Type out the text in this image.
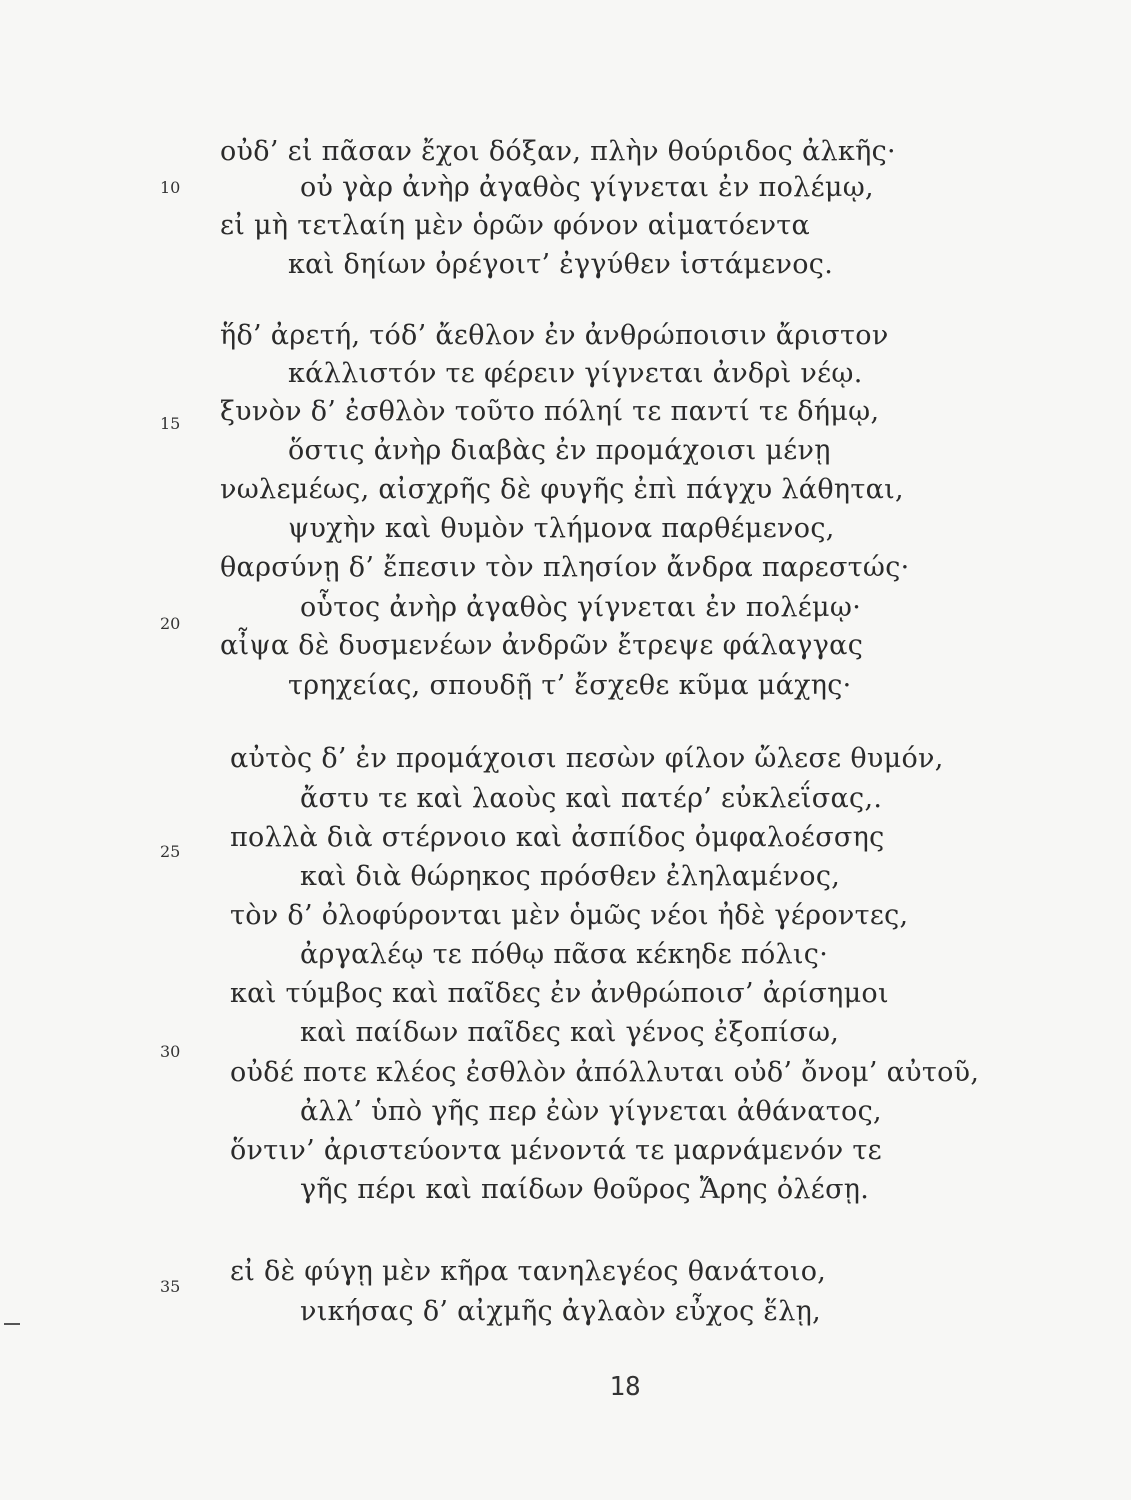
οὐδ’ εἰ πᾶσαν ἔχοι δόξαν, πλὴν θούριδος ἀλκῆς·
10	οὐ γὰρ ἀνὴρ ἀγαθὸς γίγνεται ἐν πολέμῳ,
εἰ μὴ τετλαίη μὲν ὁρῶν φόνον αἱματόεντα
καὶ δηίων ὀρέγοιτ’ ἐγγύθεν ἱστάμενος.
ἥδ’ ἀρετή, τόδ’ ἄεθλον ἐν ἀνθρώποισιν ἄριστον
κάλλιστόν τε φέρειν γίγνεται ἀνδρὶ νέῳ.
15 ξυνὸν δ’ ἐσθλὸν τοῦτο πόληί τε παντί τε δήμῳ,
ὅστις ἀνὴρ διαβὰς ἐν προμάχοισι μένῃ
νωλεμέως, αἰσχρῆς δὲ φυγῆς ἐπὶ πάγχυ λάθηται,
ψυχὴν καὶ θυμὸν τλήμονα παρθέμενος,
θαρσύνῃ δ’ ἔπεσιν τὸν πλησίον ἄνδρα παρεστώς·
20
οὗτος ἀνὴρ ἀγαθὸς γίγνεται ἐν πολέμῳ·
αἶψα δὲ δυσμενέων ἀνδρῶν ἔτρεψε φάλαγγας
τρηχείας, σπουδῇ τ’ ἔσχεθε κῦμα μάχης·
αὐτὸς δ’ ἐν προμάχοισι πεσὼν φίλον ὤλεσε θυμόν,
ἄστυ τε καὶ λαοὺς καὶ πατέρ’ εὐκλεΐσας,.
25 πολλὰ διὰ στέρνοιο καὶ ἀσπίδος ὀμφαλοέσσης
καὶ διὰ θώρηκος πρόσθεν ἐληλαμένος,
τὸν δ’ ὀλοφύρονται μὲν ὁμῶς νέοι ἠδὲ γέροντες,
ἀργαλέῳ τε πόθῳ πᾶσα κέκηδε πόλις·
καὶ τύμβος καὶ παῖδες ἐν ἀνθρώποισ’ ἀρίσημοι
30
καὶ παίδων παῖδες καὶ γένος ἐξοπίσω,
οὐδέ ποτε κλέος ἐσθλὸν ἀπόλλυται οὐδ’ ὄνομ’ αὐτοῦ,
ἀλλ’ ὑπὸ γῆς περ ἐὼν γίγνεται ἀθάνατος,
ὅντιν’ ἀριστεύοντα μένοντά τε μαρνάμενόν τε
γῆς πέρι καὶ παίδων θοῦρος Ἄρης ὀλέσῃ.
35 εἰ δὲ φύγῃ μὲν κῆρα τανηλεγέος θανάτοιο,
νικήσας δ’ αἰχμῆς ἀγλαὸν εὖχος ἕλῃ,
18
